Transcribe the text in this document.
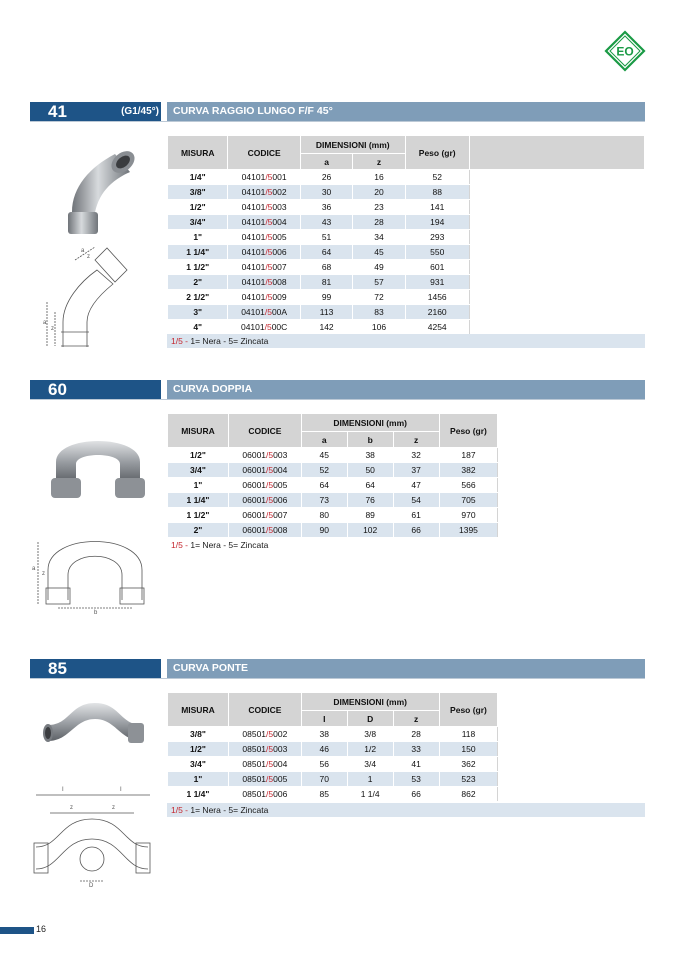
EO
41	(G1/45°)	CURVA RAGGIO LUNGO F/F 45°
a
z
a
z
MISURA	CODICE	DIMENSIONI (mm)		Peso (gr)	
		a	z		
1/4"	04101/5001	26	16	52	
3/8"	04101/5002	30	20	88	
1/2"	04101/5003	36	23	141	
3/4"	04101/5004	43	28	194	
1"	04101/5005	51	34	293	
1 1/4"	04101/5006	64	45	550	
1 1/2"	04101/5007	68	49	601	
2"	04101/5008	81	57	931	
2 1/2"	04101/5009	99	72	1456	
3"	04101/500A	113	83	2160	
4"	04101/500C	142	106	4254	
1/5 - 1= Nera - 5= Zincata
60	CURVA DOPPIA
a
z
b
MISURA	CODICE	DIMENSIONI (mm)			Peso (gr)	
		a	b	z		
1/2"	06001/5003	45	38	32	187	
3/4"	06001/5004	52	50	37	382	
1"	06001/5005	64	64	47	566	
1 1/4"	06001/5006	73	76	54	705	
1 1/2"	06001/5007	80	89	61	970	
2"	06001/5008	90	102	66	1395	
1/5 - 1= Nera - 5= Zincata
85	CURVA PONTE
I	I
z	z
D
MISURA	CODICE	DIMENSIONI (mm)			Peso (gr)	
		I	D	z		
3/8"	08501/5002	38	3/8	28	118	
1/2"	08501/5003	46	1/2	33	150	
3/4"	08501/5004	56	3/4	41	362	
1"	08501/5005	70	1	53	523	
1 1/4"	08501/5006	85	1 1/4	66	862	
1/5 - 1= Nera - 5= Zincata
16
